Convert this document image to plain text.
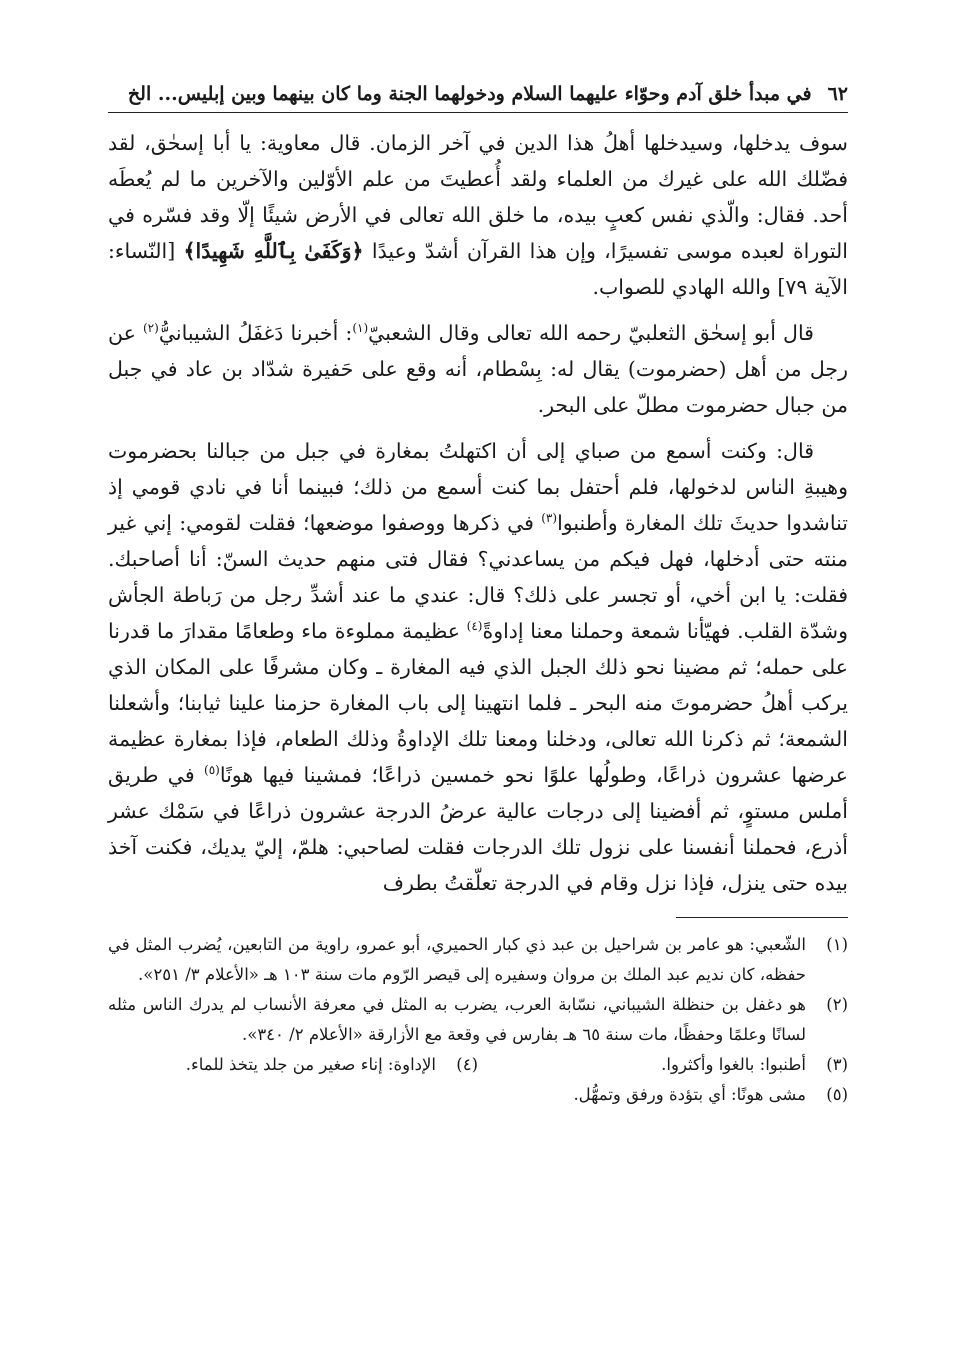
٦٢
في مبدأ خلق آدم وحوّاء عليهما السلام ودخولهما الجنة وما كان بينهما وبين إبليس... الخ

سوف يدخلها، وسيدخلها أهلُ هذا الدين في آخر الزمان. قال معاوية: يا أبا إسحٰق، لقد فضّلك الله على غيرك من العلماء ولقد أُعطيتَ من علم الأوّلين والآخرين ما لم يُعطَه أحد. فقال: والّذي نفس كعبٍ بيده، ما خلق الله تعالى في الأرض شيئًا إلّا وقد فسّره في التوراة لعبده موسى تفسيرًا، وإن هذا القرآن أشدّ وعيدًا ﴿وَكَفَىٰ بِٱللَّهِ شَهِيدًا﴾ [النّساء: الآية ٧٩] والله الهادي للصواب.

قال أبو إسحٰق الثعلبيّ رحمه الله تعالى وقال الشعبيّ$^{(١)}$: أخبرنا دَغفَلُ الشيبانيُّ$^{(٢)}$ عن رجل من أهل (حضرموت) يقال له: بِسْطام، أنه وقع على حَفيرة شدّاد بن عاد في جبل من جبال حضرموت مطلّ على البحر.

قال: وكنت أسمع من صباي إلى أن اكتهلتُ بمغارة في جبل من جبالنا بحضرموت وهيبةِ الناس لدخولها، فلم أحتفل بما كنت أسمع من ذلك؛ فبينما أنا في نادي قومي إذ تناشدوا حديثَ تلك المغارة وأطنبوا$^{(٣)}$ في ذكرها ووصفوا موضعها؛ فقلت لقومي: إني غير منته حتى أدخلها، فهل فيكم من يساعدني؟ فقال فتى منهم حديث السنّ: أنا أصاحبك. فقلت: يا ابن أخي، أو تجسر على ذلك؟ قال: عندي ما عند أشدِّ رجل من رَباطة الجأش وشدّة القلب. فهيّأنا شمعة وحملنا معنا إداوةً$^{(٤)}$ عظيمة مملوءة ماء وطعامًا مقدارَ ما قدرنا على حمله؛ ثم مضينا نحو ذلك الجبل الذي فيه المغارة ـ وكان مشرفًا على المكان الذي يركب أهلُ حضرموتَ منه البحر ـ فلما انتهينا إلى باب المغارة حزمنا علينا ثيابنا؛ وأشعلنا الشمعة؛ ثم ذكرنا الله تعالى، ودخلنا ومعنا تلك الإداوةُ وذلك الطعام، فإذا بمغارة عظيمة عرضها عشرون ذراعًا، وطولُها علوًا نحو خمسين ذراعًا؛ فمشينا فيها هونًا$^{(٥)}$ في طريق أملس مستوٍ، ثم أفضينا إلى درجات عالية عرضُ الدرجة عشرون ذراعًا في سَمْك عشر أذرع، فحملنا أنفسنا على نزول تلك الدرجات فقلت لصاحبي: هلمّ، إليّ يديك، فكنت آخذ بيده حتى ينزل، فإذا نزل وقام في الدرجة تعلّقتُ بطرف

(١)
الشّعبي: هو عامر بن شراحيل بن عبد ذي كبار الحميري، أبو عمرو، راوية من التابعين، يُضرب المثل في حفظه، كان نديم عبد الملك بن مروان وسفيره إلى قيصر الرّوم مات سنة ١٠٣ هـ «الأعلام ٣/ ٢٥١».
(٢)
هو دغفل بن حنظلة الشيباني، نسّابة العرب، يضرب به المثل في معرفة الأنساب لم يدرك الناس مثله لسانًا وعلمًا وحفظًا، مات سنة ٦٥ هـ بفارس في وقعة مع الأزارقة «الأعلام ٢/ ٣٤٠».
(٣)
أطنبوا: بالغوا وأكثروا.
(٤)
الإداوة: إناء صغير من جلد يتخذ للماء.
(٥)
مشى هونًا: أي بتؤدة ورفق وتمهُّل.
